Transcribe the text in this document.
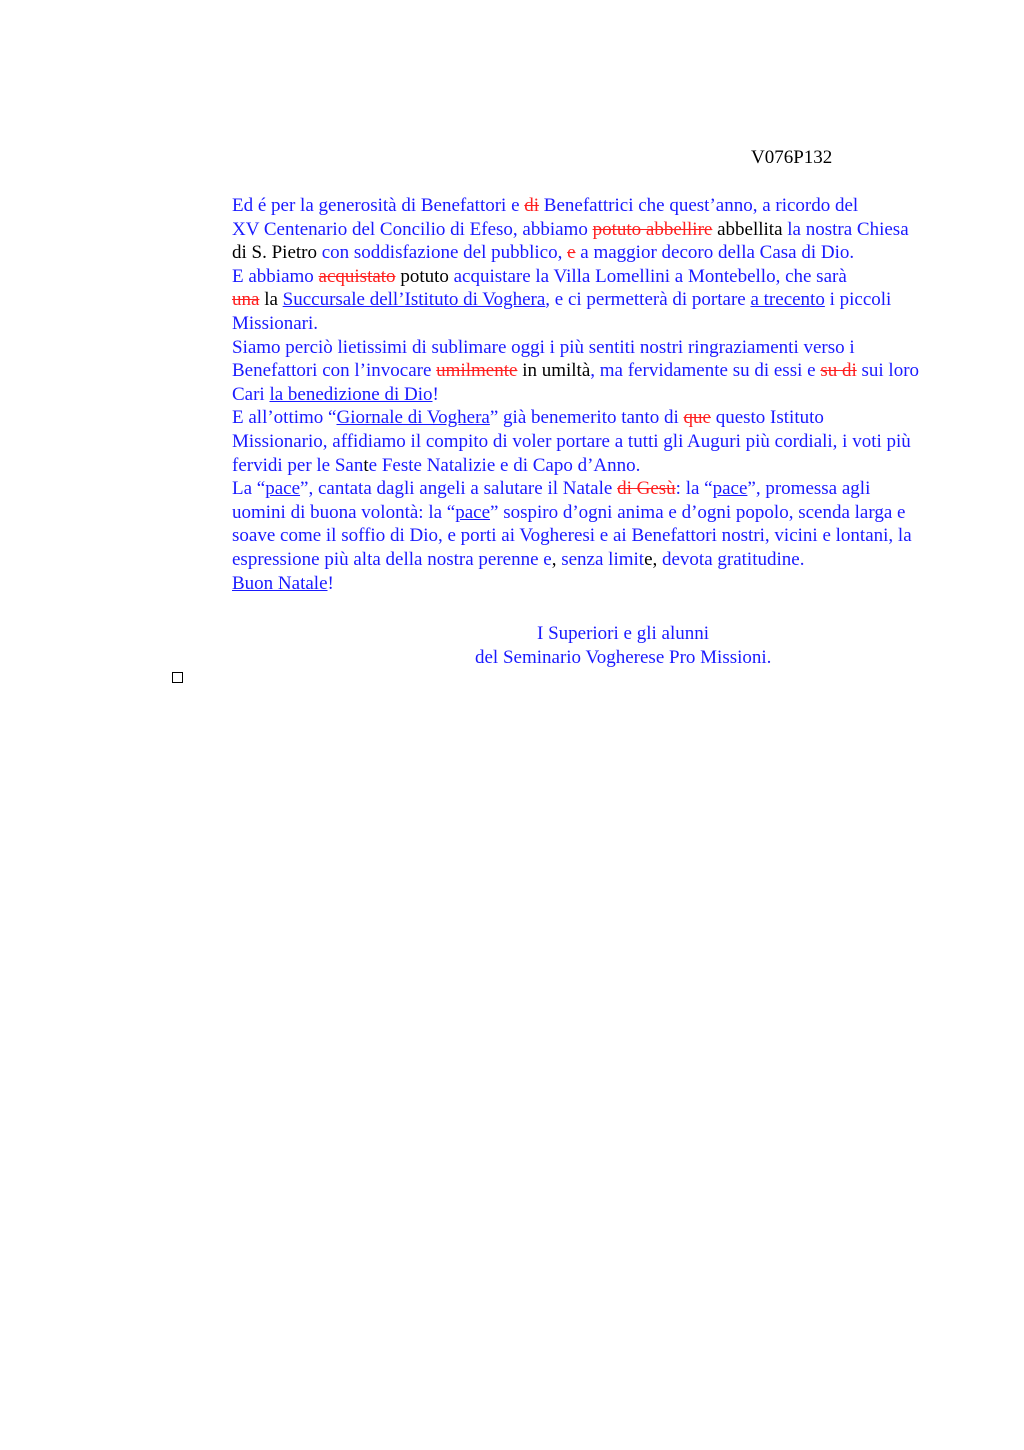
V076P132

Ed é per la generosità di Benefattori e di Benefattrici che quest’anno, a ricordo del
XV Centenario del Concilio di Efeso, abbiamo potuto abbellire abbellita la nostra Chiesa
di S. Pietro con soddisfazione del pubblico, e a maggior decoro della Casa di Dio.

E abbiamo acquistato potuto acquistare la Villa Lomellini a Montebello, che sarà
una la Succursale dell’Istituto di Voghera, e ci permetterà di portare a trecento i piccoli
Missionari.

Siamo perciò lietissimi di sublimare oggi i più sentiti nostri ringraziamenti verso i
Benefattori con l’invocare umilmente in umiltà, ma fervidamente su di essi e su di sui loro
Cari la benedizione di Dio!

E all’ottimo “Giornale di Voghera” già benemerito tanto di que questo Istituto
Missionario, affidiamo il compito di voler portare a tutti gli Auguri più cordiali, i voti più
fervidi per le Sante Feste Natalizie e di Capo d’Anno.

La “pace”, cantata dagli angeli a salutare il Natale di Gesù: la “pace”, promessa agli
uomini di buona volontà: la “pace” sospiro d’ogni anima e d’ogni popolo, scenda larga e
soave come il soffio di Dio, e porti ai Vogheresi e ai Benefattori nostri, vicini e lontani, la
espressione più alta della nostra perenne e, senza limite, devota gratitudine.

Buon Natale!

I Superiori e gli alunni
del Seminario Vogherese Pro Missioni.
